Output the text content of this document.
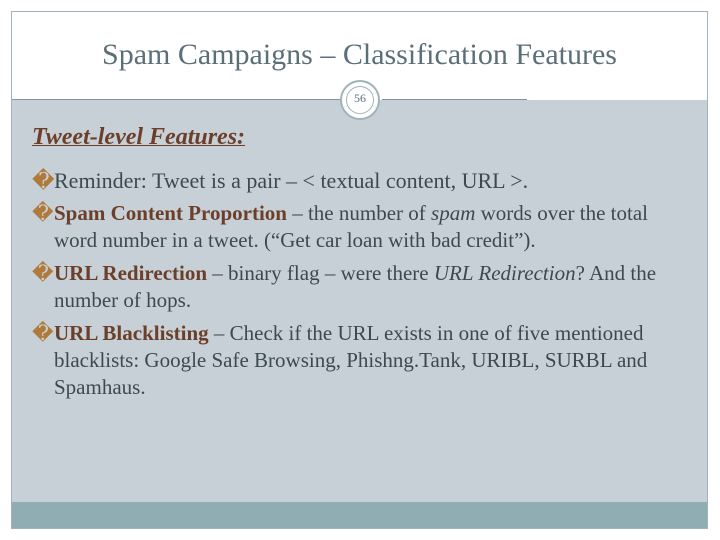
Spam Campaigns – Classification Features
56
Tweet-level Features:
� Reminder: Tweet is a pair – < textual content, URL >.
� Spam Content Proportion – the number of spam words over the total word number in a tweet. (“Get car loan with bad credit”).
� URL Redirection – binary flag – were there URL Redirection? And the number of hops.
� URL Blacklisting – Check if the URL exists in one of five mentioned blacklists: Google Safe Browsing, Phishng.Tank, URIBL, SURBL and Spamhaus.
